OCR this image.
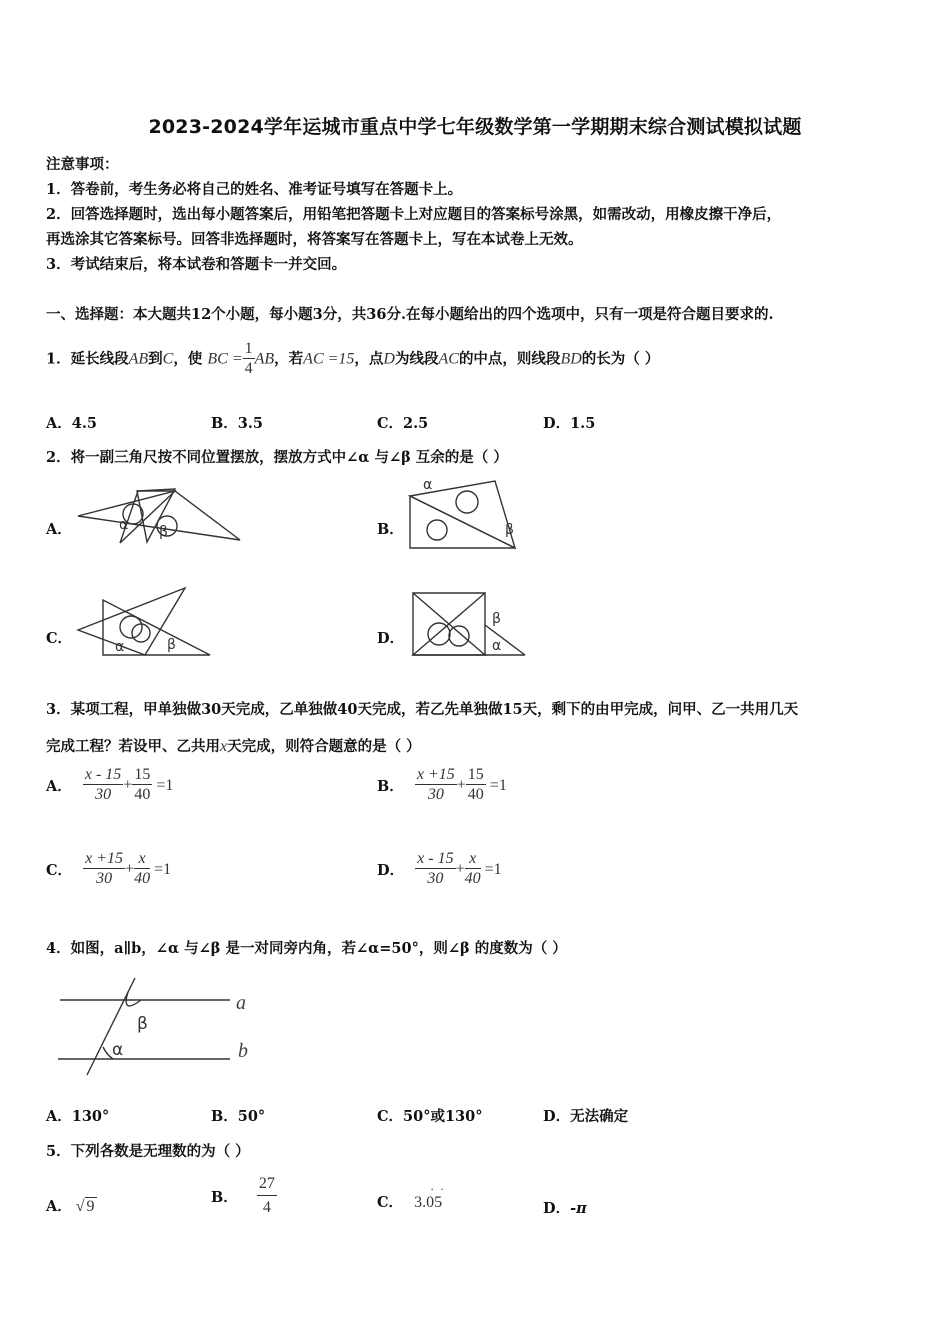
2023-2024学年运城市重点中学七年级数学第一学期期末综合测试模拟试题
注意事项：
1．答卷前，考生务必将自己的姓名、准考证号填写在答题卡上。
2．回答选择题时，选出每小题答案后，用铅笔把答题卡上对应题目的答案标号涂黑，如需改动，用橡皮擦干净后，
再选涂其它答案标号。回答非选择题时，将答案写在答题卡上，写在本试卷上无效。
3．考试结束后，将本试卷和答题卡一并交回。
一、选择题：本大题共12个小题，每小题3分，共36分.在每小题给出的四个选项中，只有一项是符合题目要求的.
1．延长线段AB到C，使 BC = $\frac{1}{4}$ AB，若AC =15，点D为线段AC的中点，则线段BD的长为（ ）
A．4.5	B．3.5	C．2.5	D．1.5
2．将一副三角尺按不同位置摆放，摆放方式中∠α 与∠β 互余的是（ ）
A．	α β	B．
α
β
C．	α	β	D．
β
α
3．某项工程，甲单独做30天完成，乙单独做40天完成，若乙先单独做15天，剩下的由甲完成，问甲、乙一共用几天
完成工程？若设甲、乙共用x天完成，则符合题意的是（ ）
A． $\frac{x - 15}{30} + \frac{15}{40} =1$	B． $\frac{x +15}{30} + \frac{15}{40} =1$
C． $\frac{x +15}{30} + \frac{x}{40} =1$	D． $\frac{x - 15}{30} + \frac{x}{40} =1$
4．如图，a∥b，∠α 与∠β 是一对同旁内角，若∠α=50°，则∠β 的度数为（ ）
β
α
a
b
A．130°	B．50°	C．50°或130°	D．无法确定
5．下列各数是无理数的为（ ）
A． √ 9
B． $\frac{27}{4}$	C．
··
3.05	D．-π
